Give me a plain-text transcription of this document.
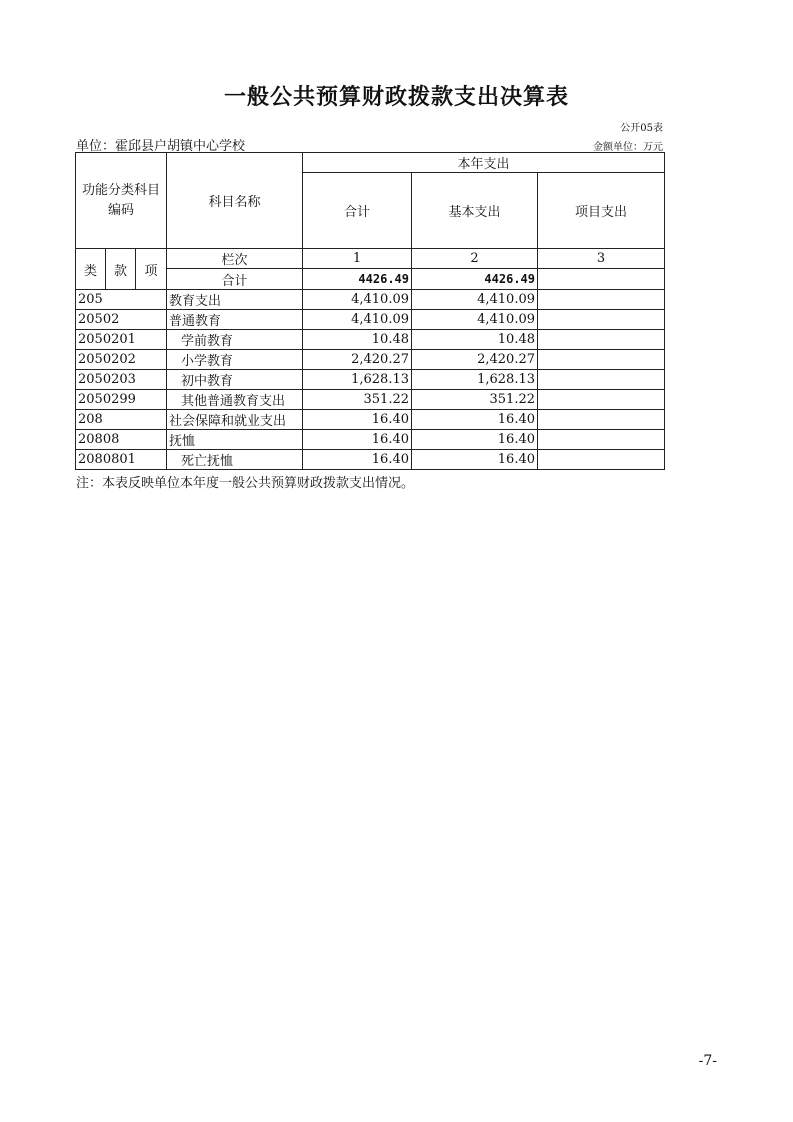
一般公共预算财政拨款支出决算表
公开05表
单位：霍邱县户胡镇中心学校	金额单位：万元
功能分类科目编码	科目名称
本年支出
合计	基本支出	项目支出
类	款	项
栏次	1	2	3
合计	4426.49	4426.49
205	教育支出	4,410.09	4,410.09
20502	普通教育	4,410.09	4,410.09
2050201	学前教育	10.48	10.48
2050202	小学教育	2,420.27	2,420.27
2050203	初中教育	1,628.13	1,628.13
2050299	其他普通教育支出	351.22	351.22
208	社会保障和就业支出	16.40	16.40
20808	抚恤	16.40	16.40
2080801	死亡抚恤	16.40	16.40
注：本表反映单位本年度一般公共预算财政拨款支出情况。
-7-
